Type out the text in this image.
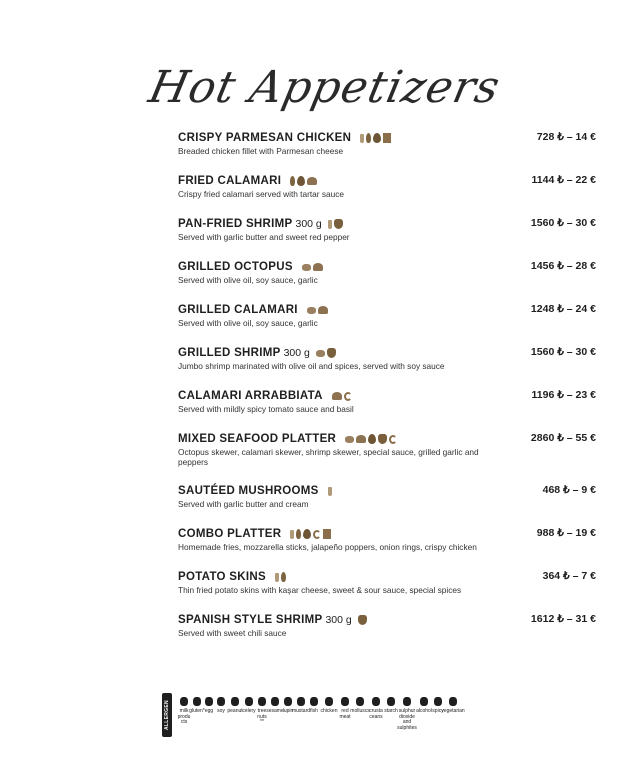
Hot Appetizers
CRISPY PARMESAN CHICKEN	728 ₺ – 14 €
Breaded chicken fillet with Parmesan cheese
FRIED CALAMARI	1144 ₺ – 22 €
Crispy fried calamari served with tartar sauce
PAN-FRIED SHRIMP 300 g	1560 ₺ – 30 €
Served with garlic butter and sweet red pepper
GRILLED OCTOPUS	1456 ₺ – 28 €
Served with olive oil, soy sauce, garlic
GRILLED CALAMARI	1248 ₺ – 24 €
Served with olive oil, soy sauce, garlic
GRILLED SHRIMP 300 g	1560 ₺ – 30 €
Jumbo shrimp marinated with olive oil and spices, served with soy sauce
CALAMARI ARRABBIATA	1196 ₺ – 23 €
Served with mildly spicy tomato sauce and basil
MIXED SEAFOOD PLATTER	2860 ₺ – 55 €
Octopus skewer, calamari skewer, shrimp skewer, special sauce, grilled garlic and peppers
SAUTÉED MUSHROOMS	468 ₺ – 9 €
Served with garlic butter and cream
COMBO PLATTER	988 ₺ – 19 €
Homemade fries, mozzarella sticks, jalapeño poppers, onion rings, crispy chicken
POTATO SKINS	364 ₺ – 7 €
Thin fried potato skins with kaşar cheese, sweet & sour sauce, special spices
SPANISH STYLE SHRIMP 300 g	1612 ₺ – 31 €
Served with sweet chili sauce
ALLERGEN	milk
produ
cts
gluten* egg soy peanut celery tree
nuts
**
sesame
lupin
mustard fish chicken red
meat
molluscs crusta
ceans
starch sulphur
dioxide
and
sulphites
alcohol spicy
vegetarian
